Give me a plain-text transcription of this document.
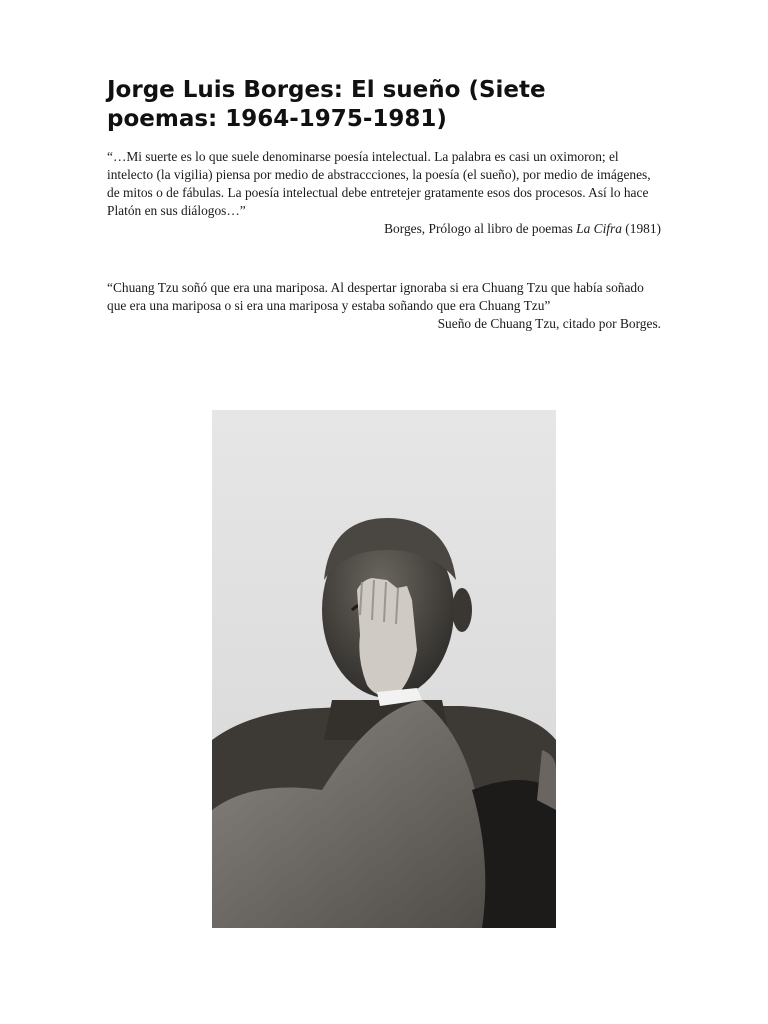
Jorge Luis Borges: El sueño (Siete poemas: 1964-1975-1981)
“…Mi suerte es lo que suele denominarse poesía intelectual. La palabra es casi un oximoron; el intelecto (la vigilia) piensa por medio de abstraccciones, la poesía (el sueño), por medio de imágenes, de mitos o de fábulas. La poesía intelectual debe entretejer gratamente esos dos procesos. Así lo hace Platón en sus diálogos…”
Borges, Prólogo al libro de poemas La Cifra (1981)
“Chuang Tzu soñó que era una mariposa. Al despertar ignoraba si era Chuang Tzu que había soñado que era una mariposa o si era una mariposa y estaba soñando que era Chuang Tzu”
Sueño de Chuang Tzu, citado por Borges.
